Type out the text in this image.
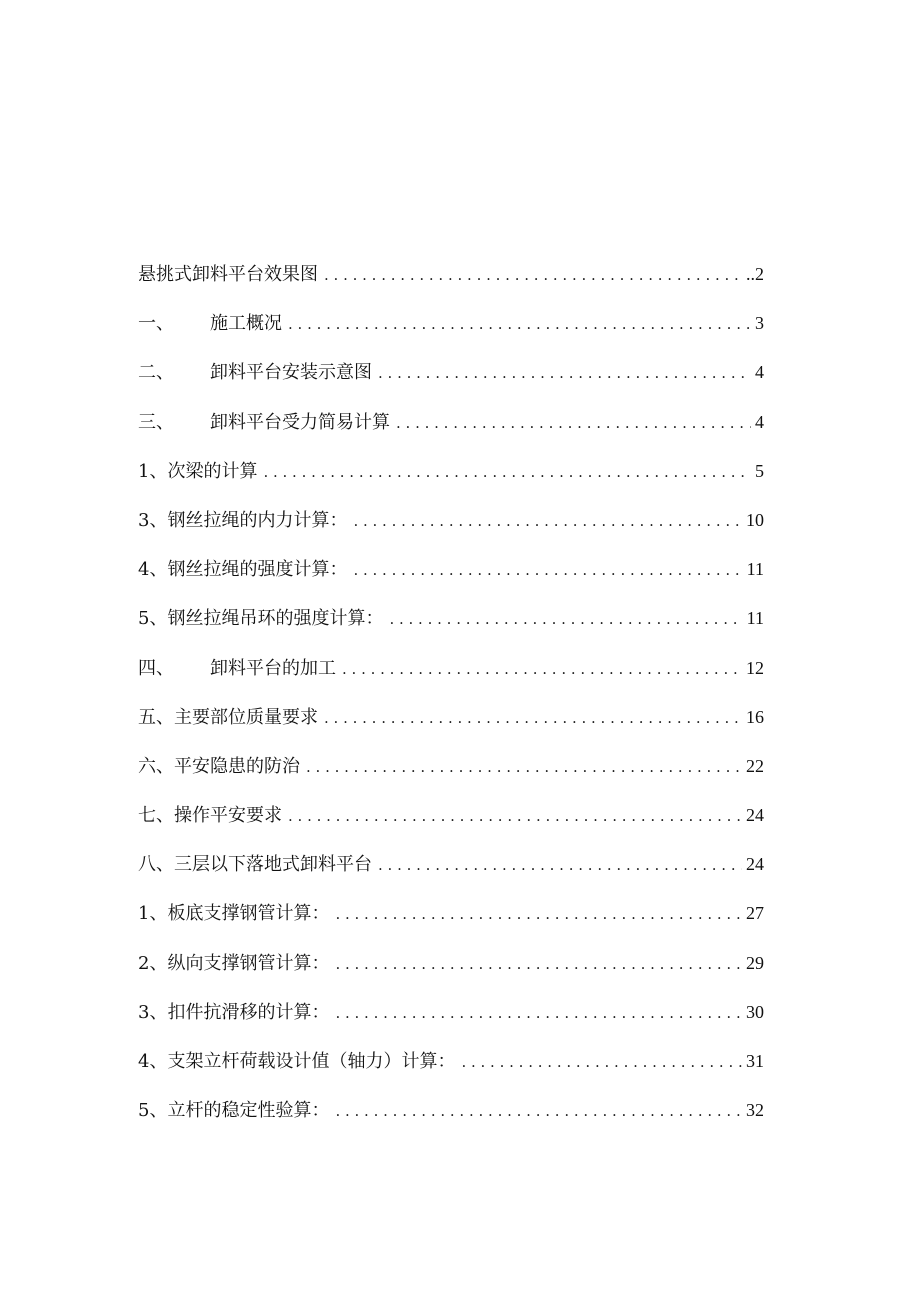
悬挑式卸料平台效果图 . . .	..2
一、	施工概况 . . .	3
二、	卸料平台安装示意图 . . .	4
三、	卸料平台受力简易计算 . . .	4
1、 次梁的计算 . . .	5
3、 钢丝拉绳的内力计算： . . .	10
4、 钢丝拉绳的强度计算： . . .	11
5、 钢丝拉绳吊环的强度计算： . . .	11
四、	卸料平台的加工 . . .	12
五、 主要部位质量要求 . . .	16
六、 平安隐患的防治 . . .	22
七、 操作平安要求 . . .	24
八、 三层以下落地式卸料平台 . . .	24
1、 板底支撑钢管计算： . . .	27
2、 纵向支撑钢管计算： . . .	29
3、 扣件抗滑移的计算： . . .	30
4、 支架立杆荷载设计值（轴力）计算： . . .	31
5、 立杆的稳定性验算： . . .	32
